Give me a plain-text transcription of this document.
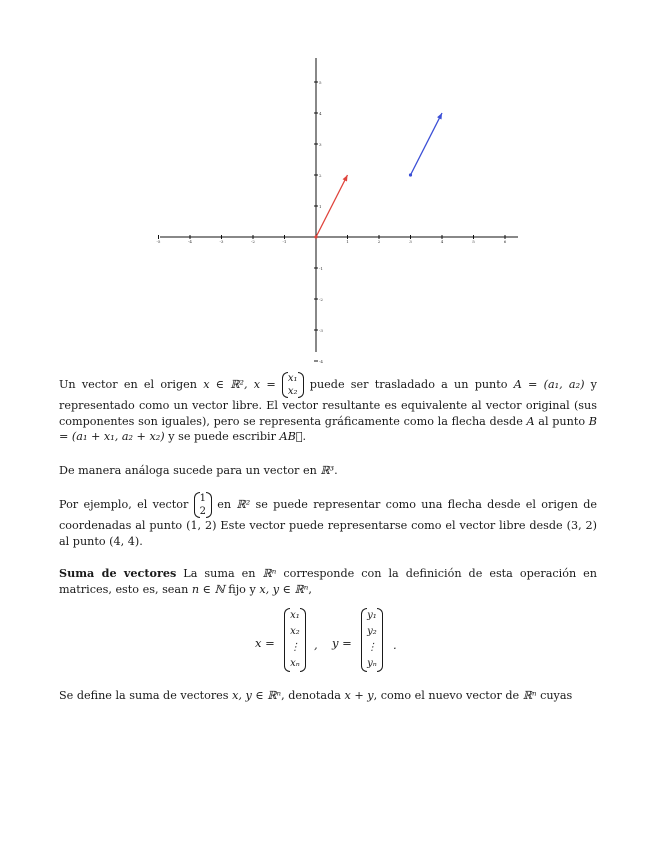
-5	-4	-3	-2	-1	1	2	3	4	5	6
5
4
3
2
1
-1
-2
-3
-4

Un vector en el origen x ∈ ℝ², x = x₁
x₂
puede ser trasladado a un punto A = (a₁, a₂) y representado como un vector libre. El vector resultante es equivalente al vector original (sus componentes son iguales), pero se representa gráficamente como la flecha desde A al punto B = (a₁ + x₁, a₂ + x₂) y se puede escribir AB⃗.

De manera análoga sucede para un vector en ℝ³.

Por ejemplo, el vector 1
2
en ℝ² se puede representar como una flecha desde el origen de coordenadas al punto (1, 2) Este vector puede representarse como el vector libre desde (3, 2) al punto (4, 4).

Suma de vectores La suma en ℝⁿ corresponde con la definición de esta operación en matrices, esto es, sean n ∈ ℕ fijo y x, y ∈ ℝⁿ,

x =
x₁
x₂
⋮
xₙ
, y =
y₁
y₂
⋮
yₙ
.

Se define la suma de vectores x, y ∈ ℝⁿ, denotada x + y, como el nuevo vector de ℝⁿ cuyas
